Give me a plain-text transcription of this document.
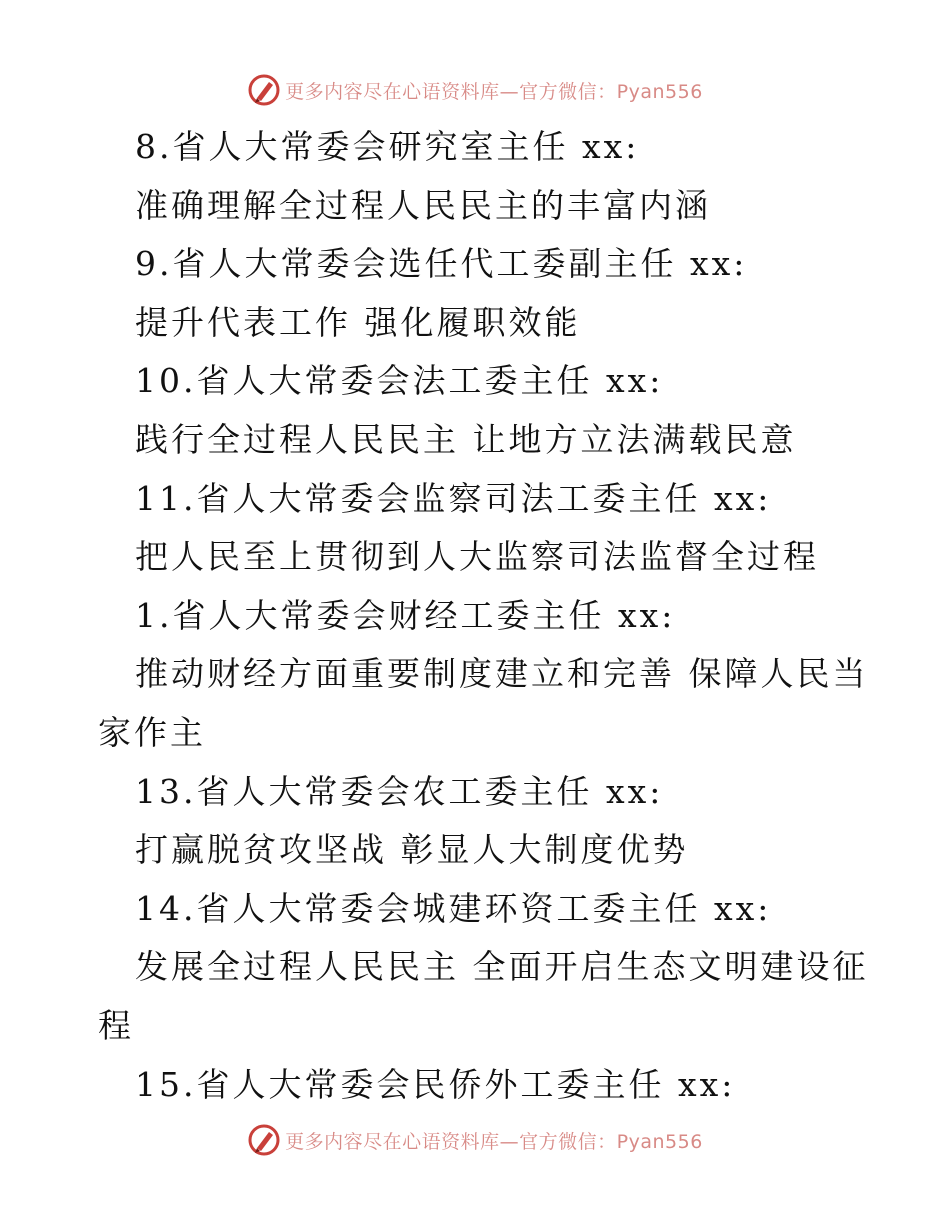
更多内容尽在心语资料库—官方微信：Pyan556
8.省人大常委会研究室主任 xx:
准确理解全过程人民民主的丰富内涵
9.省人大常委会选任代工委副主任 xx:
提升代表工作 强化履职效能
10.省人大常委会法工委主任 xx:
践行全过程人民民主 让地方立法满载民意
11.省人大常委会监察司法工委主任 xx:
把人民至上贯彻到人大监察司法监督全过程
1.省人大常委会财经工委主任 xx:
推动财经方面重要制度建立和完善 保障人民当
家作主
13.省人大常委会农工委主任 xx:
打赢脱贫攻坚战 彰显人大制度优势
14.省人大常委会城建环资工委主任 xx:
发展全过程人民民主 全面开启生态文明建设征
程
15.省人大常委会民侨外工委主任 xx:
更多内容尽在心语资料库—官方微信：Pyan556
